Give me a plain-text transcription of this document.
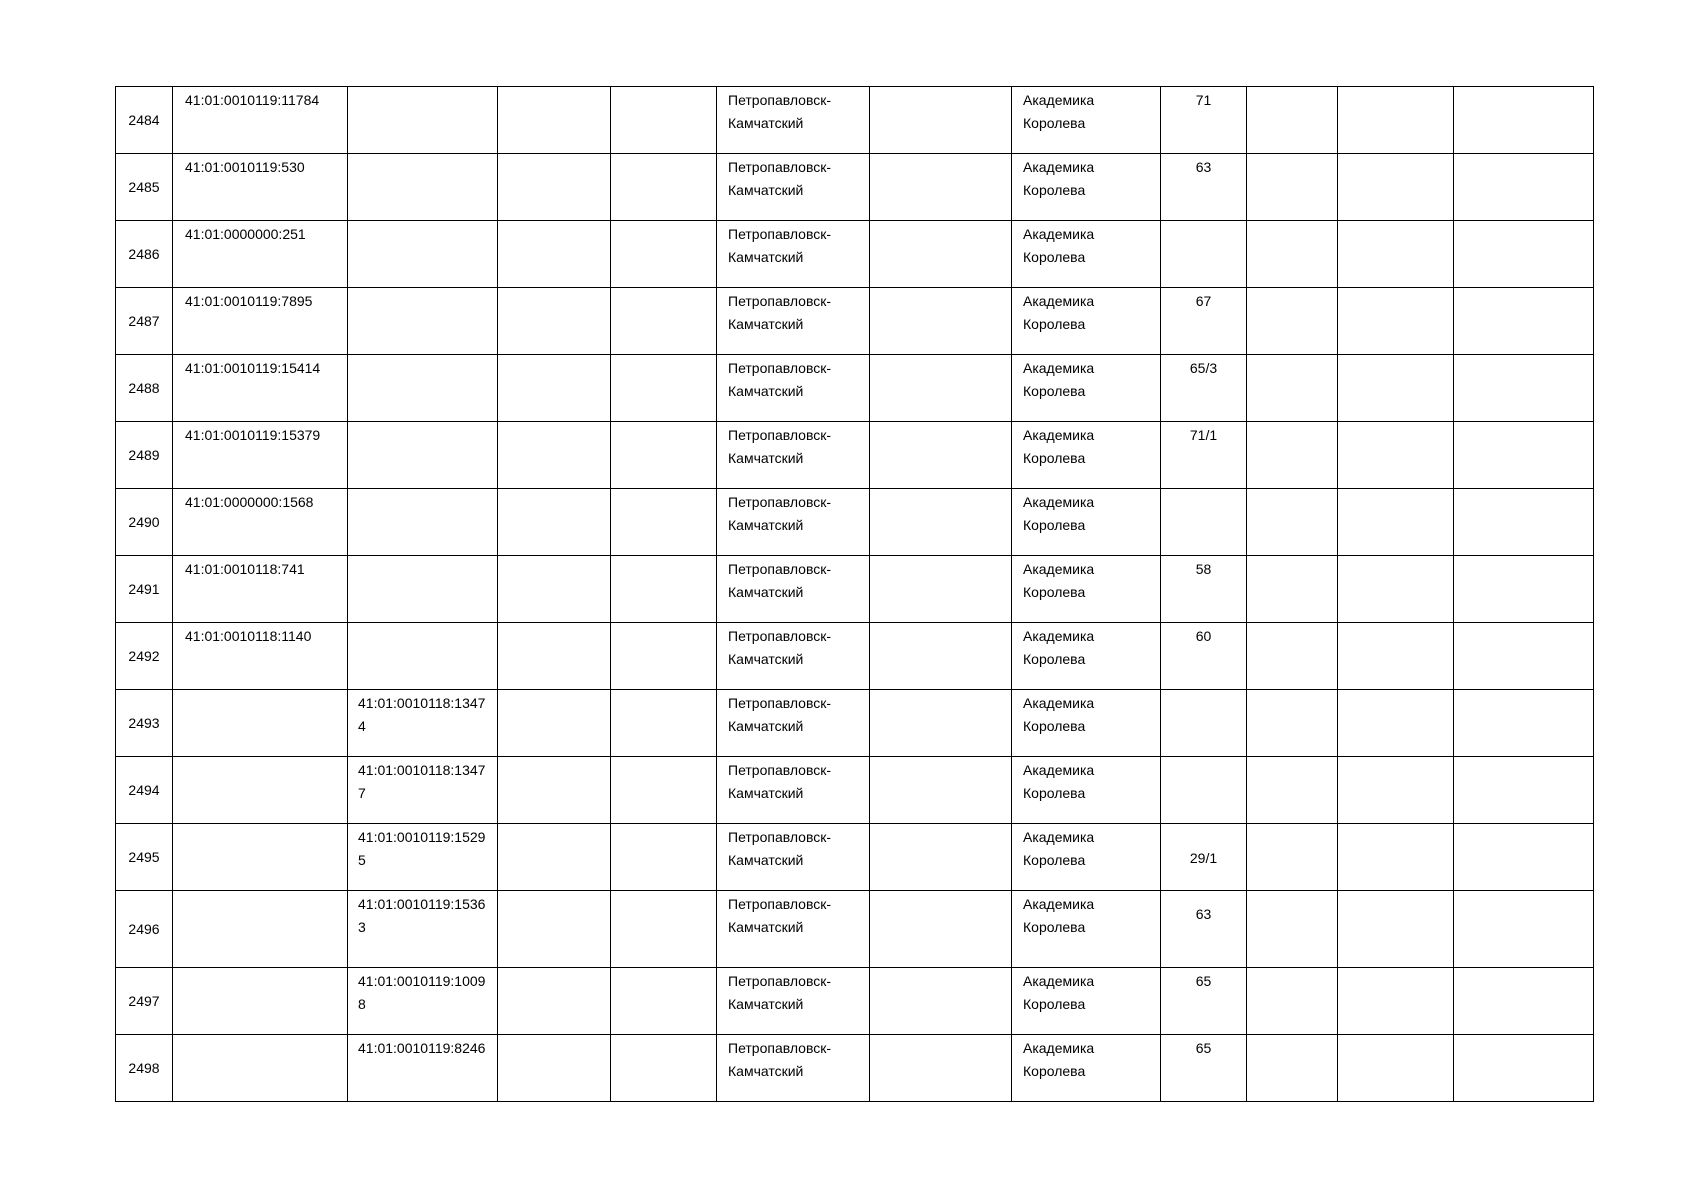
2484	41:01:0010119:11784				Петропавловск-Камчатский		Академика Королева	71			
2485	41:01:0010119:530				Петропавловск-Камчатский		Академика Королева	63			
2486	41:01:0000000:251				Петропавловск-Камчатский		Академика Королева				
2487	41:01:0010119:7895				Петропавловск-Камчатский		Академика Королева	67			
2488	41:01:0010119:15414				Петропавловск-Камчатский		Академика Королева	65/3			
2489	41:01:0010119:15379				Петропавловск-Камчатский		Академика Королева	71/1			
2490	41:01:0000000:1568				Петропавловск-Камчатский		Академика Королева				
2491	41:01:0010118:741				Петропавловск-Камчатский		Академика Королева	58			
2492	41:01:0010118:1140				Петропавловск-Камчатский		Академика Королева	60			
2493		41:01:0010118:13474			Петропавловск-Камчатский		Академика Королева				
2494		41:01:0010118:13477			Петропавловск-Камчатский		Академика Королева				
2495		41:01:0010119:15295			Петропавловск-Камчатский		Академика Королева	29/1			
2496		41:01:0010119:15363			Петропавловск-Камчатский		Академика Королева	63			
2497		41:01:0010119:10098			Петропавловск-Камчатский		Академика Королева	65			
2498		41:01:0010119:8246			Петропавловск-Камчатский		Академика Королева	65			
